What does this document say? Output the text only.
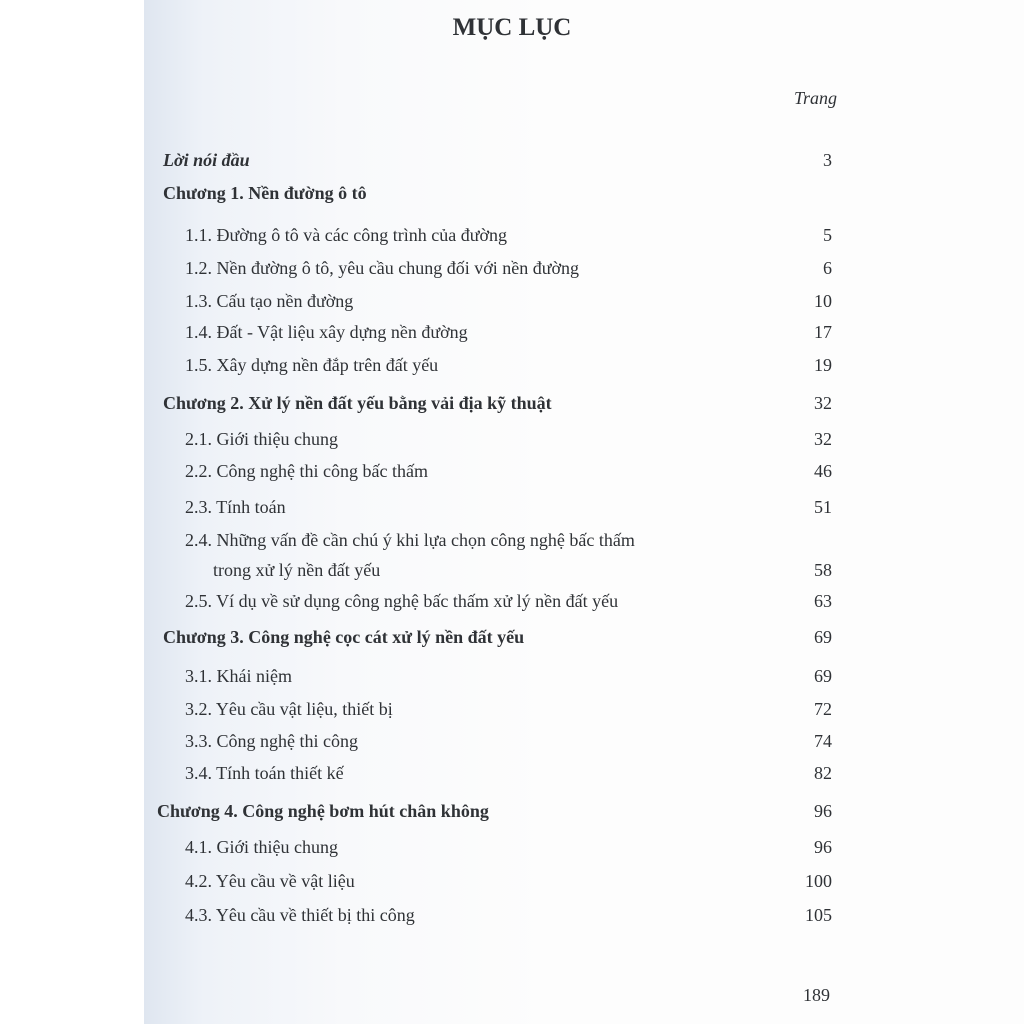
MỤC LỤC
Trang
Lời nói đầu	3
Chương 1. Nền đường ô tô
1.1. Đường ô tô và các công trình của đường	5
1.2. Nền đường ô tô, yêu cầu chung đối với nền đường	6
1.3. Cấu tạo nền đường	10
1.4. Đất - Vật liệu xây dựng nền đường	17
1.5. Xây dựng nền đắp trên đất yếu	19
Chương 2. Xử lý nền đất yếu bằng vải địa kỹ thuật	32
2.1. Giới thiệu chung	32
2.2. Công nghệ thi công bấc thấm	46
2.3. Tính toán	51
2.4. Những vấn đề cần chú ý khi lựa chọn công nghệ bấc thấm
trong xử lý nền đất yếu	58
2.5. Ví dụ về sử dụng công nghệ bấc thấm xử lý nền đất yếu	63
Chương 3. Công nghệ cọc cát xử lý nền đất yếu	69
3.1. Khái niệm	69
3.2. Yêu cầu vật liệu, thiết bị	72
3.3. Công nghệ thi công	74
3.4. Tính toán thiết kế	82
Chương 4. Công nghệ bơm hút chân không	96
4.1. Giới thiệu chung	96
4.2. Yêu cầu về vật liệu	100
4.3. Yêu cầu về thiết bị thi công	105
189
